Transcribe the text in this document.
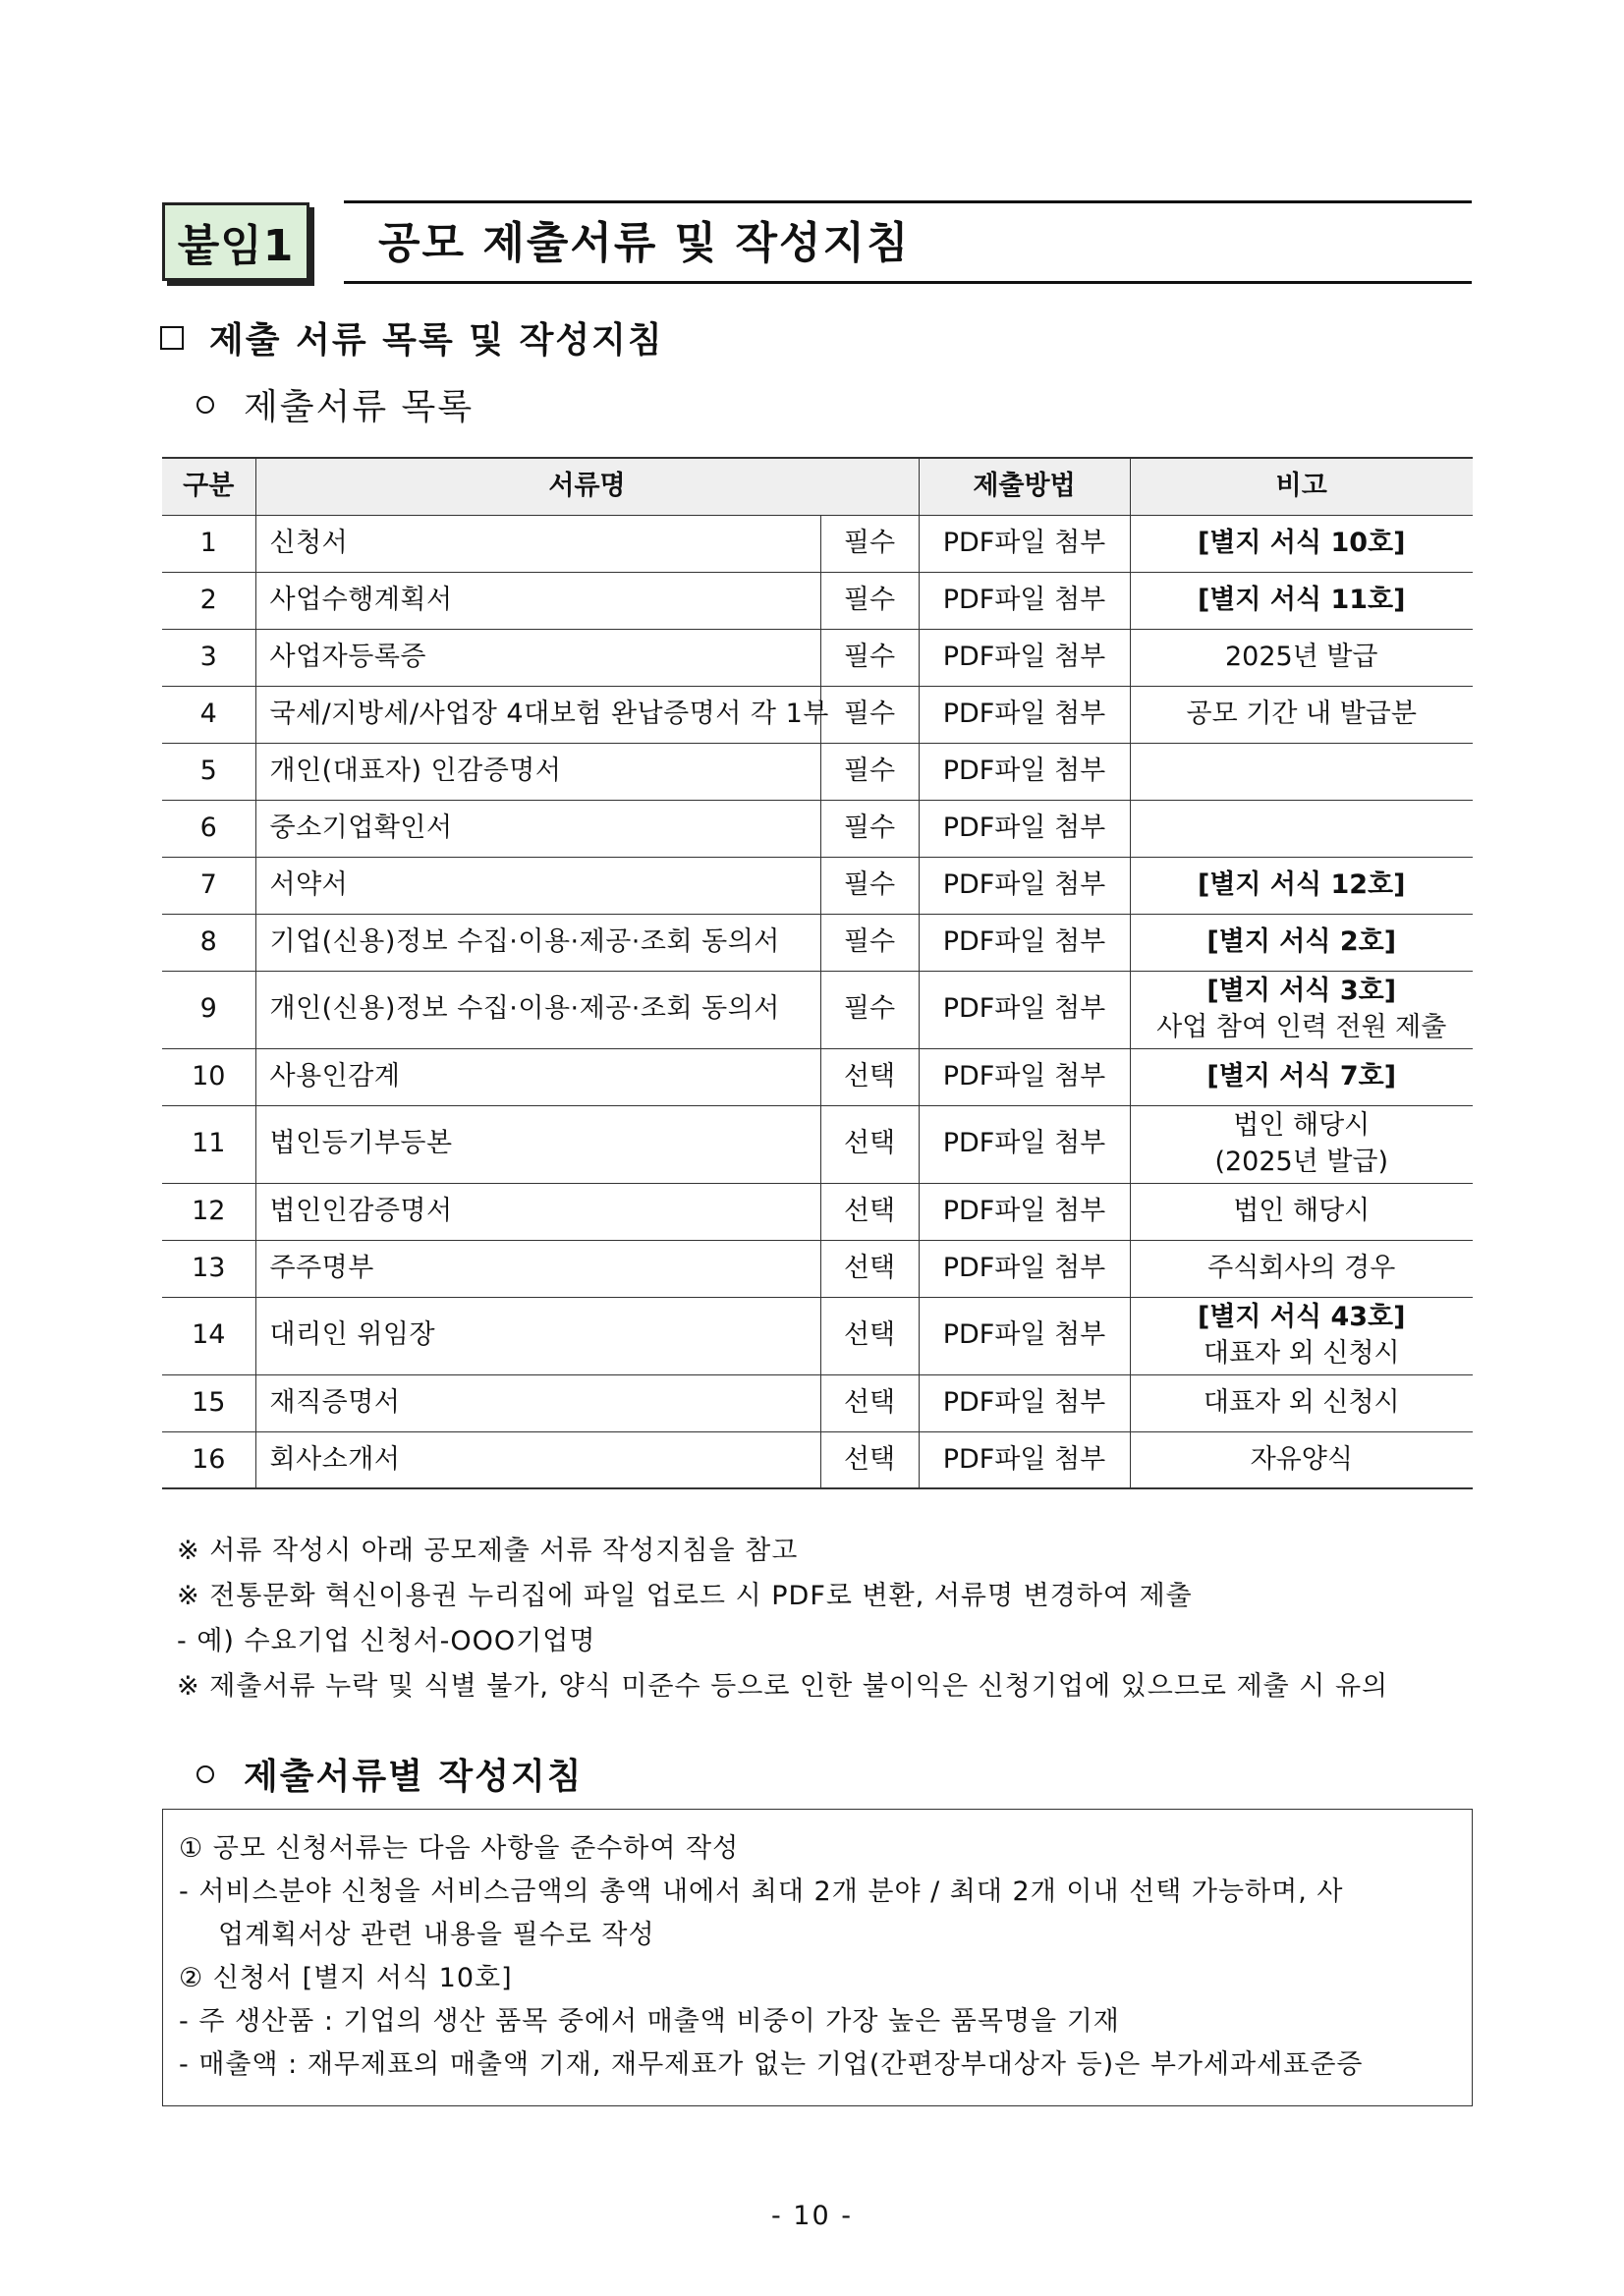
붙임1	공모 제출서류 및 작성지침
제출 서류 목록 및 작성지침
제출서류 목록
구분	서류명		제출방법	비고
1	신청서	필수	PDF파일 첨부	[별지 서식 10호]

2	사업수행계획서	필수	PDF파일 첨부	[별지 서식 11호]

3	사업자등록증	필수	PDF파일 첨부	2025년 발급

4	국세/지방세/사업장 4대보험 완납증명서 각 1부	필수	PDF파일 첨부	공모 기간 내 발급분

5	개인(대표자) 인감증명서	필수	PDF파일 첨부	

6	중소기업확인서	필수	PDF파일 첨부	

7	서약서	필수	PDF파일 첨부	[별지 서식 12호]

8	기업(신용)정보 수집·이용·제공·조회 동의서	필수	PDF파일 첨부	[별지 서식 2호]

9	개인(신용)정보 수집·이용·제공·조회 동의서	필수	PDF파일 첨부	[별지 서식 3호]
사업 참여 인력 전원 제출

10	사용인감계	선택	PDF파일 첨부	[별지 서식 7호]

11	법인등기부등본	선택	PDF파일 첨부	법인 해당시
(2025년 발급)

12	법인인감증명서	선택	PDF파일 첨부	법인 해당시

13	주주명부	선택	PDF파일 첨부	주식회사의 경우

14	대리인 위임장	선택	PDF파일 첨부	[별지 서식 43호]
대표자 외 신청시

15	재직증명서	선택	PDF파일 첨부	대표자 외 신청시

16	회사소개서	선택	PDF파일 첨부	자유양식
※ 서류 작성시 아래 공모제출 서류 작성지침을 참고
※ 전통문화 혁신이용권 누리집에 파일 업로드 시 PDF로 변환, 서류명 변경하여 제출
- 예) 수요기업 신청서-OOO기업명
※ 제출서류 누락 및 식별 불가, 양식 미준수 등으로 인한 불이익은 신청기업에 있으므로 제출 시 유의
제출서류별 작성지침
① 공모 신청서류는 다음 사항을 준수하여 작성
- 서비스분야 신청을 서비스금액의 총액 내에서 최대 2개 분야 / 최대 2개 이내 선택 가능하며, 사
업계획서상 관련 내용을 필수로 작성
② 신청서 [별지 서식 10호]
- 주 생산품 : 기업의 생산 품목 중에서 매출액 비중이 가장 높은 품목명을 기재
- 매출액 : 재무제표의 매출액 기재, 재무제표가 없는 기업(간편장부대상자 등)은 부가세과세표준증
- 10 -
